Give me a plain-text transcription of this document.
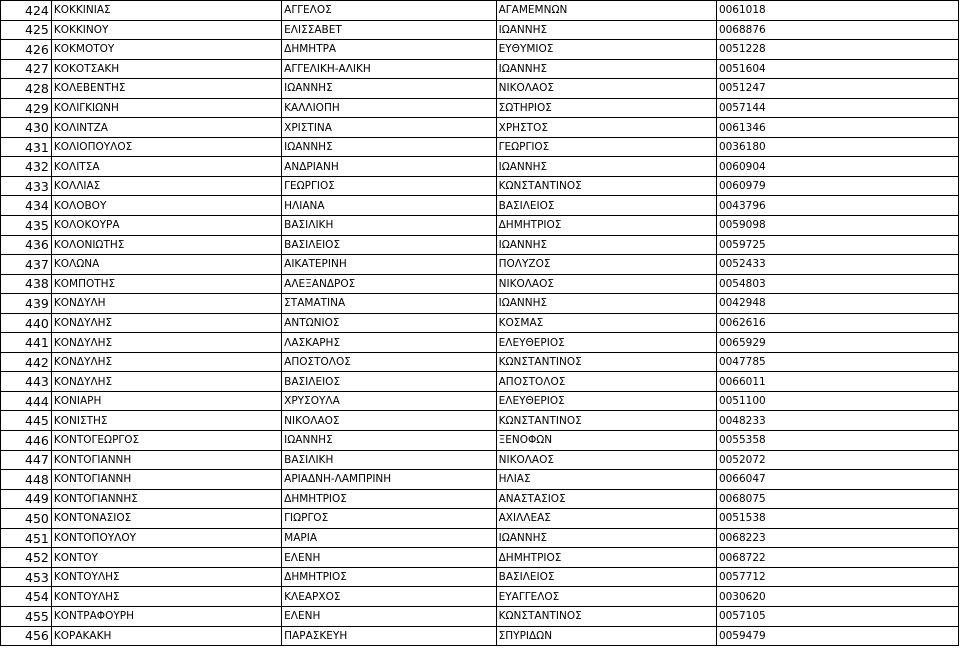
424	ΚΟΚΚΙΝΙΑΣ	ΑΓΓΕΛΟΣ	ΑΓΑΜΕΜΝΩΝ	0061018
425	ΚΟΚΚΙΝΟΥ	ΕΛΙΣΣΑΒΕΤ	ΙΩΑΝΝΗΣ	0068876
426	ΚΟΚΜΟΤΟΥ	ΔΗΜΗΤΡΑ	ΕΥΘΥΜΙΟΣ	0051228
427	ΚΟΚΟΤΣΑΚΗ	ΑΓΓΕΛΙΚΗ-ΑΛΙΚΗ	ΙΩΑΝΝΗΣ	0051604
428	ΚΟΛΕΒΕΝΤΗΣ	ΙΩΑΝΝΗΣ	ΝΙΚΟΛΑΟΣ	0051247
429	ΚΟΛΙΓΚΙΩΝΗ	ΚΑΛΛΙΟΠΗ	ΣΩΤΗΡΙΟΣ	0057144
430	ΚΟΛΙΝΤΖΑ	ΧΡΙΣΤΙΝΑ	ΧΡΗΣΤΟΣ	0061346
431	ΚΟΛΙΟΠΟΥΛΟΣ	ΙΩΑΝΝΗΣ	ΓΕΩΡΓΙΟΣ	0036180
432	ΚΟΛΙΤΣΑ	ΑΝΔΡΙΑΝΗ	ΙΩΑΝΝΗΣ	0060904
433	ΚΟΛΛΙΑΣ	ΓΕΩΡΓΙΟΣ	ΚΩΝΣΤΑΝΤΙΝΟΣ	0060979
434	ΚΟΛΟΒΟΥ	ΗΛΙΑΝΑ	ΒΑΣΙΛΕΙΟΣ	0043796
435	ΚΟΛΟΚΟΥΡΑ	ΒΑΣΙΛΙΚΗ	ΔΗΜΗΤΡΙΟΣ	0059098
436	ΚΟΛΟΝΙΩΤΗΣ	ΒΑΣΙΛΕΙΟΣ	ΙΩΑΝΝΗΣ	0059725
437	ΚΟΛΩΝΑ	ΑΙΚΑΤΕΡΙΝΗ	ΠΟΛΥΖΟΣ	0052433
438	ΚΟΜΠΟΤΗΣ	ΑΛΕΞΑΝΔΡΟΣ	ΝΙΚΟΛΑΟΣ	0054803
439	ΚΟΝΔΥΛΗ	ΣΤΑΜΑΤΙΝΑ	ΙΩΑΝΝΗΣ	0042948
440	ΚΟΝΔΥΛΗΣ	ΑΝΤΩΝΙΟΣ	ΚΟΣΜΑΣ	0062616
441	ΚΟΝΔΥΛΗΣ	ΛΑΣΚΑΡΗΣ	ΕΛΕΥΘΕΡΙΟΣ	0065929
442	ΚΟΝΔΥΛΗΣ	ΑΠΟΣΤΟΛΟΣ	ΚΩΝΣΤΑΝΤΙΝΟΣ	0047785
443	ΚΟΝΔΥΛΗΣ	ΒΑΣΙΛΕΙΟΣ	ΑΠΟΣΤΟΛΟΣ	0066011
444	ΚΟΝΙΑΡΗ	ΧΡΥΣΟΥΛΑ	ΕΛΕΥΘΕΡΙΟΣ	0051100
445	ΚΟΝΙΣΤΗΣ	ΝΙΚΟΛΑΟΣ	ΚΩΝΣΤΑΝΤΙΝΟΣ	0048233
446	ΚΟΝΤΟΓΕΩΡΓΟΣ	ΙΩΑΝΝΗΣ	ΞΕΝΟΦΩΝ	0055358
447	ΚΟΝΤΟΓΙΑΝΝΗ	ΒΑΣΙΛΙΚΗ	ΝΙΚΟΛΑΟΣ	0052072
448	ΚΟΝΤΟΓΙΑΝΝΗ	ΑΡΙΑΔΝΗ-ΛΑΜΠΡΙΝΗ	ΗΛΙΑΣ	0066047
449	ΚΟΝΤΟΓΙΑΝΝΗΣ	ΔΗΜΗΤΡΙΟΣ	ΑΝΑΣΤΑΣΙΟΣ	0068075
450	ΚΟΝΤΟΝΑΣΙΟΣ	ΓΙΩΡΓΟΣ	ΑΧΙΛΛΕΑΣ	0051538
451	ΚΟΝΤΟΠΟΥΛΟΥ	ΜΑΡΙΑ	ΙΩΑΝΝΗΣ	0068223
452	ΚΟΝΤΟΥ	ΕΛΕΝΗ	ΔΗΜΗΤΡΙΟΣ	0068722
453	ΚΟΝΤΟΥΛΗΣ	ΔΗΜΗΤΡΙΟΣ	ΒΑΣΙΛΕΙΟΣ	0057712
454	ΚΟΝΤΟΥΛΗΣ	ΚΛΕΑΡΧΟΣ	ΕΥΑΓΓΕΛΟΣ	0030620
455	ΚΟΝΤΡΑΦΟΥΡΗ	ΕΛΕΝΗ	ΚΩΝΣΤΑΝΤΙΝΟΣ	0057105
456	ΚΟΡΑΚΑΚΗ	ΠΑΡΑΣΚΕΥΗ	ΣΠΥΡΙΔΩΝ	0059479
